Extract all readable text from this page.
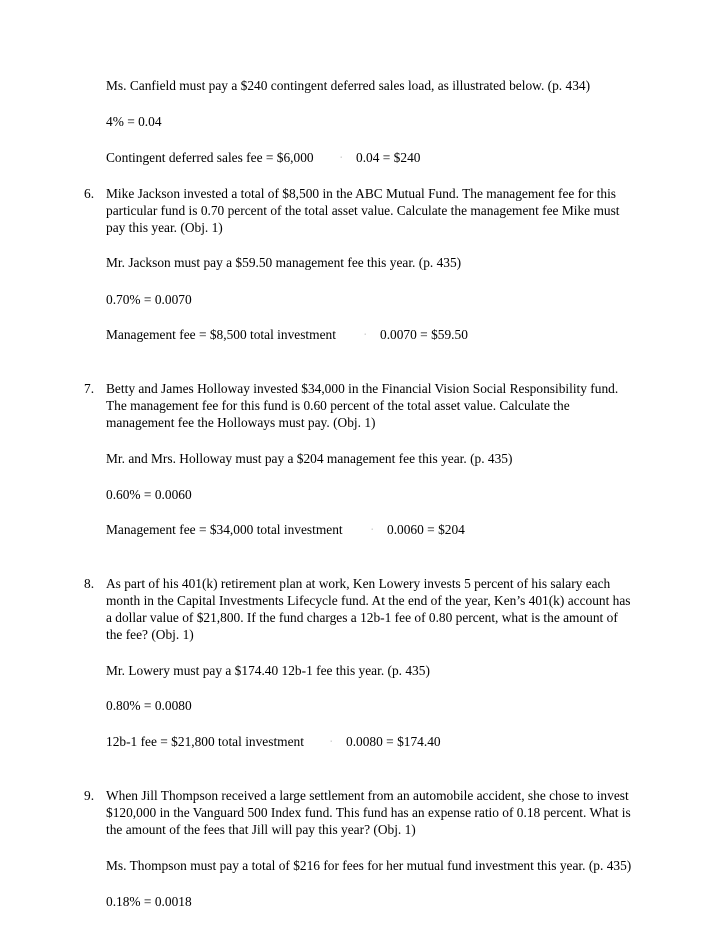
Ms. Canfield must pay a $240 contingent deferred sales load, as illustrated below. (p. 434)
4% = 0.04
Contingent deferred sales fee = $6,000 · 0.04 = $240
6. Mike Jackson invested a total of $8,500 in the ABC Mutual Fund. The management fee for this
particular fund is 0.70 percent of the total asset value. Calculate the management fee Mike must
pay this year. (Obj. 1)
Mr. Jackson must pay a $59.50 management fee this year. (p. 435)
0.70% = 0.0070
Management fee = $8,500 total investment · 0.0070 = $59.50
7. Betty and James Holloway invested $34,000 in the Financial Vision Social Responsibility fund.
The management fee for this fund is 0.60 percent of the total asset value. Calculate the
management fee the Holloways must pay. (Obj. 1)
Mr. and Mrs. Holloway must pay a $204 management fee this year. (p. 435)
0.60% = 0.0060
Management fee = $34,000 total investment · 0.0060 = $204
8. As part of his 401(k) retirement plan at work, Ken Lowery invests 5 percent of his salary each
month in the Capital Investments Lifecycle fund. At the end of the year, Ken’s 401(k) account has
a dollar value of $21,800. If the fund charges a 12b-1 fee of 0.80 percent, what is the amount of
the fee? (Obj. 1)
Mr. Lowery must pay a $174.40 12b-1 fee this year. (p. 435)
0.80% = 0.0080
12b-1 fee = $21,800 total investment · 0.0080 = $174.40
9. When Jill Thompson received a large settlement from an automobile accident, she chose to invest
$120,000 in the Vanguard 500 Index fund. This fund has an expense ratio of 0.18 percent. What is
the amount of the fees that Jill will pay this year? (Obj. 1)
Ms. Thompson must pay a total of $216 for fees for her mutual fund investment this year. (p. 435)
0.18% = 0.0018
